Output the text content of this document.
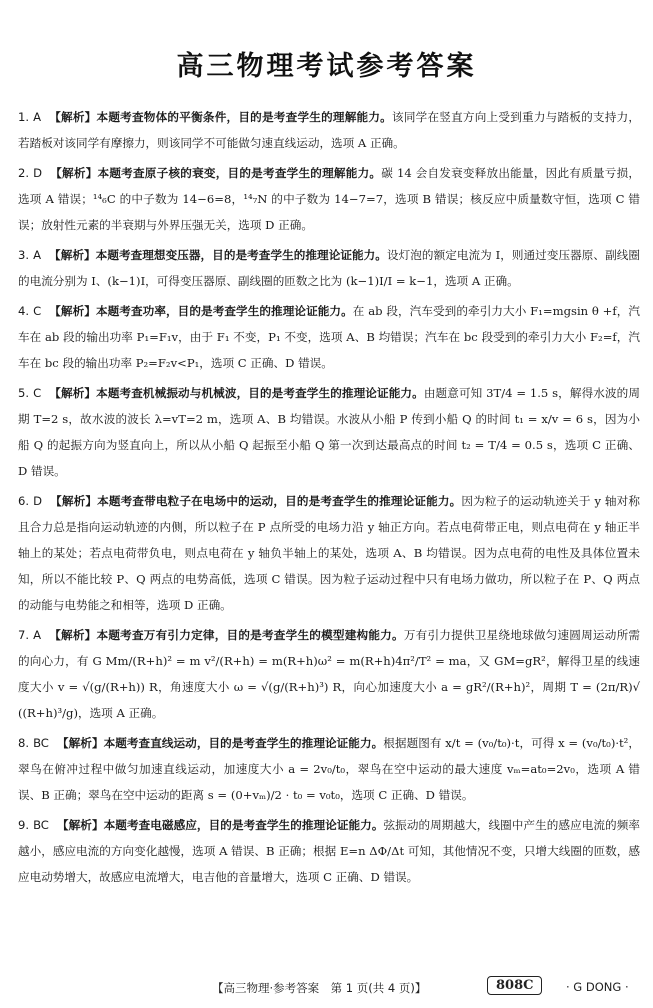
高三物理考试参考答案

1. A 【解析】本题考查物体的平衡条件，目的是考查学生的理解能力。该同学在竖直方向上受到重力与踏板的支持力，若踏板对该同学有摩擦力，则该同学不可能做匀速直线运动，选项 A 正确。

2. D 【解析】本题考查原子核的衰变，目的是考查学生的理解能力。碳 14 会自发衰变释放出能量，因此有质量亏损，选项 A 错误；¹⁴₆C 的中子数为 14−6=8，¹⁴₇N 的中子数为 14−7=7，选项 B 错误；核反应中质量数守恒，选项 C 错误；放射性元素的半衰期与外界压强无关，选项 D 正确。

3. A 【解析】本题考查理想变压器，目的是考查学生的推理论证能力。设灯泡的额定电流为 I，则通过变压器原、副线圈的电流分别为 I、(k−1)I，可得变压器原、副线圈的匝数之比为 (k−1)I/I = k−1，选项 A 正确。

4. C 【解析】本题考查功率，目的是考查学生的推理论证能力。在 ab 段，汽车受到的牵引力大小 F₁=mgsin θ +f，汽车在 ab 段的输出功率 P₁=F₁v，由于 F₁ 不变，P₁ 不变，选项 A、B 均错误；汽车在 bc 段受到的牵引力大小 F₂=f，汽车在 bc 段的输出功率 P₂=F₂v<P₁，选项 C 正确、D 错误。

5. C 【解析】本题考查机械振动与机械波，目的是考查学生的推理论证能力。由题意可知 3T/4 = 1.5 s，解得水波的周期 T=2 s，故水波的波长 λ=vT=2 m，选项 A、B 均错误。水波从小船 P 传到小船 Q 的时间 t₁ = x/v = 6 s，因为小船 Q 的起振方向为竖直向上，所以从小船 Q 起振至小船 Q 第一次到达最高点的时间 t₂ = T/4 = 0.5 s，选项 C 正确、D 错误。

6. D 【解析】本题考查带电粒子在电场中的运动，目的是考查学生的推理论证能力。因为粒子的运动轨迹关于 y 轴对称且合力总是指向运动轨迹的内侧，所以粒子在 P 点所受的电场力沿 y 轴正方向。若点电荷带正电，则点电荷在 y 轴正半轴上的某处；若点电荷带负电，则点电荷在 y 轴负半轴上的某处，选项 A、B 均错误。因为点电荷的电性及具体位置未知，所以不能比较 P、Q 两点的电势高低，选项 C 错误。因为粒子运动过程中只有电场力做功，所以粒子在 P、Q 两点的动能与电势能之和相等，选项 D 正确。

7. A 【解析】本题考查万有引力定律，目的是考查学生的模型建构能力。万有引力提供卫星绕地球做匀速圆周运动所需的向心力，有 G Mm/(R+h)² = m v²/(R+h) = m(R+h)ω² = m(R+h)4π²/T² = ma，又 GM=gR²，解得卫星的线速度大小 v = √(g/(R+h)) R，角速度大小 ω = √(g/(R+h)³) R，向心加速度大小 a = gR²/(R+h)²，周期 T = (2π/R)√((R+h)³/g)，选项 A 正确。

8. BC 【解析】本题考查直线运动，目的是考查学生的推理论证能力。根据题图有 x/t = (v₀/t₀)·t，可得 x = (v₀/t₀)·t²，翠鸟在俯冲过程中做匀加速直线运动，加速度大小 a = 2v₀/t₀，翠鸟在空中运动的最大速度 vₘ=at₀=2v₀，选项 A 错误、B 正确；翠鸟在空中运动的距离 s = (0+vₘ)/2 · t₀ = v₀t₀，选项 C 正确、D 错误。

9. BC 【解析】本题考查电磁感应，目的是考查学生的推理论证能力。弦振动的周期越大，线圈中产生的感应电流的频率越小，感应电流的方向变化越慢，选项 A 错误、B 正确；根据 E=n ΔΦ/Δt 可知，其他情况不变，只增大线圈的匝数，感应电动势增大，故感应电流增大，电吉他的音量增大，选项 C 正确、D 错误。

【高三物理·参考答案　第 1 页(共 4 页)】	808C	· G DONG ·
